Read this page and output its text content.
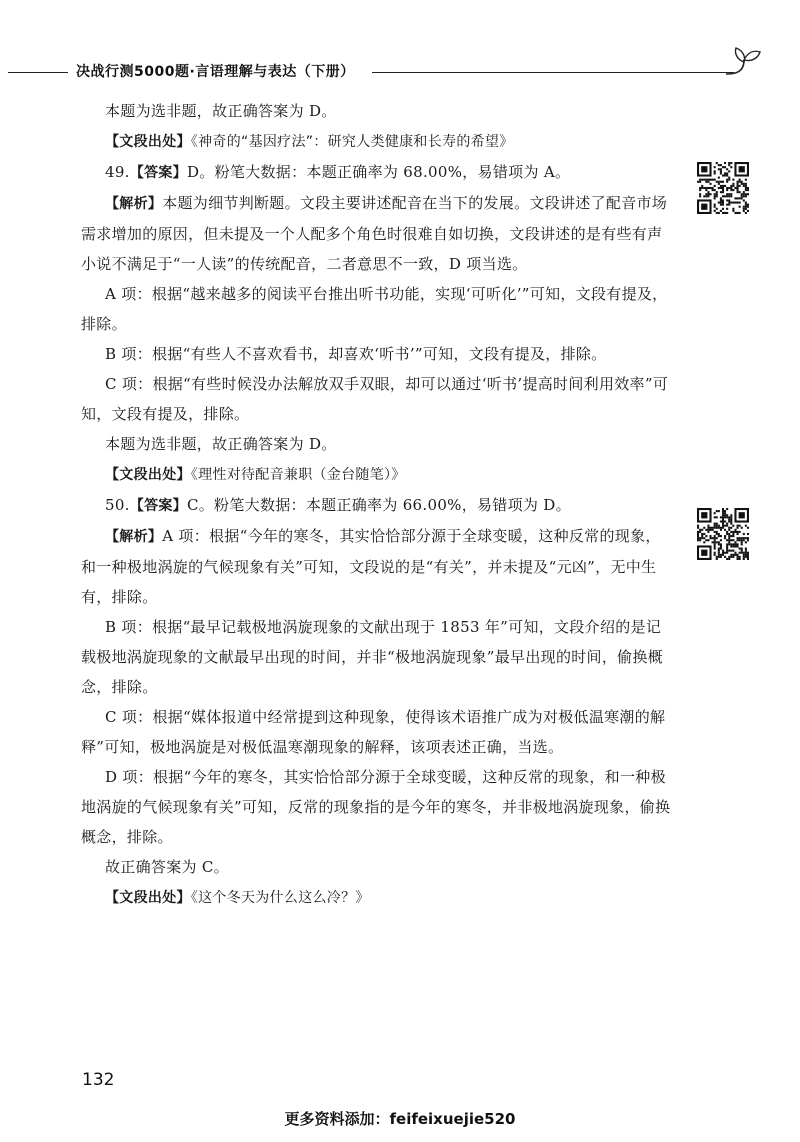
决战行测5000题·言语理解与表达（下册）

本题为选非题，故正确答案为 D。

【文段出处】《神奇的“基因疗法”：研究人类健康和长寿的希望》

49.【答案】D。粉笔大数据：本题正确率为 68.00%，易错项为 A。

【解析】本题为细节判断题。文段主要讲述配音在当下的发展。文段讲述了配音市场需求增加的原因，但未提及一个人配多个角色时很难自如切换，文段讲述的是有些有声小说不满足于“一人读”的传统配音，二者意思不一致，D 项当选。

A 项：根据“越来越多的阅读平台推出听书功能，实现‘可听化’”可知，文段有提及，排除。

B 项：根据“有些人不喜欢看书，却喜欢‘听书’”可知，文段有提及，排除。

C 项：根据“有些时候没办法解放双手双眼，却可以通过‘听书’提高时间利用效率”可知，文段有提及，排除。

本题为选非题，故正确答案为 D。

【文段出处】《理性对待配音兼职（金台随笔）》

50.【答案】C。粉笔大数据：本题正确率为 66.00%，易错项为 D。

【解析】A 项：根据“今年的寒冬，其实恰恰部分源于全球变暖，这种反常的现象，和一种极地涡旋的气候现象有关”可知，文段说的是“有关”，并未提及“元凶”，无中生有，排除。

B 项：根据“最早记载极地涡旋现象的文献出现于 1853 年”可知，文段介绍的是记载极地涡旋现象的文献最早出现的时间，并非“极地涡旋现象”最早出现的时间，偷换概念，排除。

C 项：根据“媒体报道中经常提到这种现象，使得该术语推广成为对极低温寒潮的解释”可知，极地涡旋是对极低温寒潮现象的解释，该项表述正确，当选。

D 项：根据“今年的寒冬，其实恰恰部分源于全球变暖，这种反常的现象，和一种极地涡旋的气候现象有关”可知，反常的现象指的是今年的寒冬，并非极地涡旋现象，偷换概念，排除。

故正确答案为 C。

【文段出处】《这个冬天为什么这么冷？》

132
更多资料添加：feifeixuejie520
